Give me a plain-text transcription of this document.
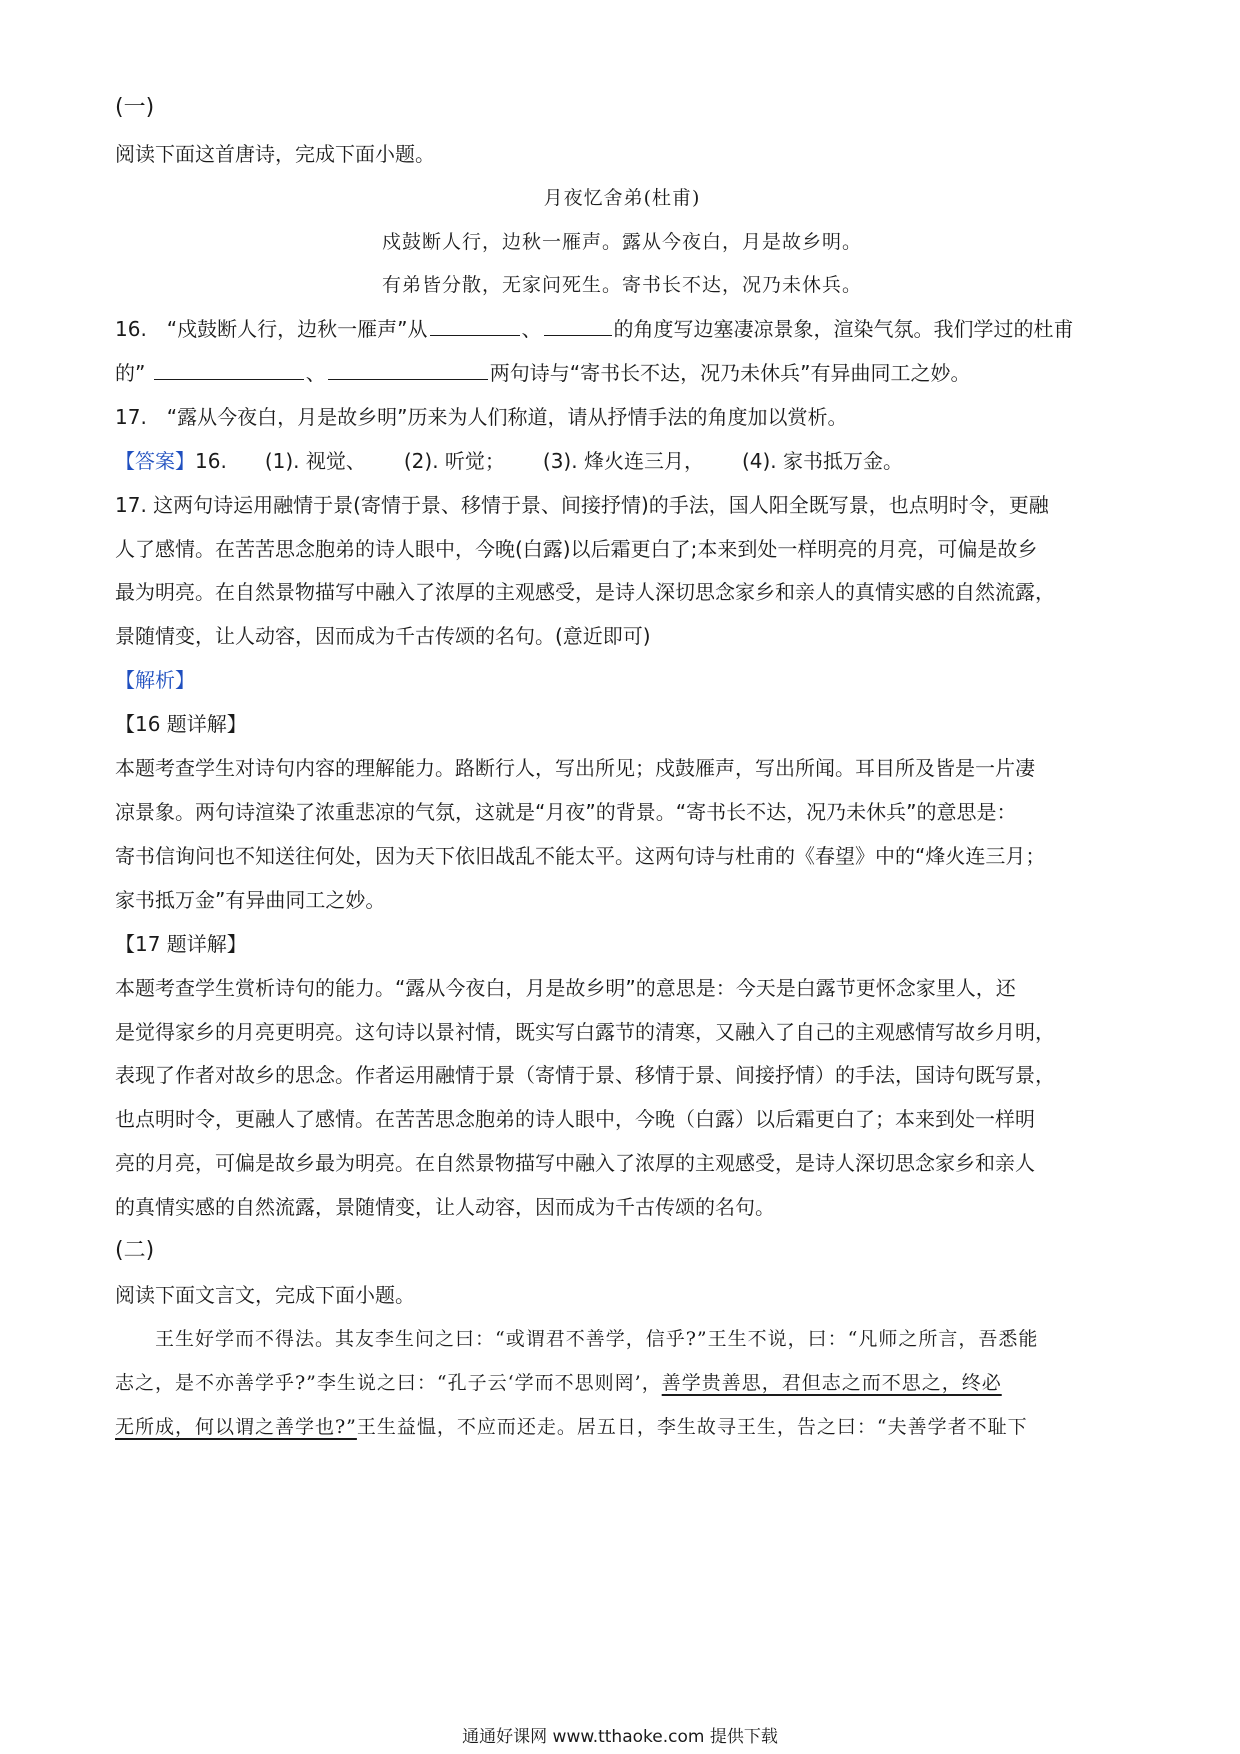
(一)
阅读下面这首唐诗，完成下面小题。
月夜忆舍弟(杜甫)
戍鼓断人行，边秋一雁声。露从今夜白，月是故乡明。
有弟皆分散，无家问死生。寄书长不达，况乃未休兵。
16.　“戍鼓断人行，边秋一雁声”从	、	的角度写边塞凄凉景象，渲染气氛。我们学过的杜甫
的”	、	两句诗与“寄书长不达，况乃未休兵”有异曲同工之妙。
17.　“露从今夜白，月是故乡明”历来为人们称道，请从抒情手法的角度加以赏析。
【答案】16. (1). 视觉、 (2). 听觉； (3). 烽火连三月， (4). 家书抵万金。
17. 这两句诗运用融情于景(寄情于景、移情于景、间接抒情)的手法，国人阳全既写景，也点明时令，更融
人了感情。在苦苦思念胞弟的诗人眼中，今晚(白露)以后霜更白了;本来到处一样明亮的月亮，可偏是故乡
最为明亮。在自然景物描写中融入了浓厚的主观感受，是诗人深切思念家乡和亲人的真情实感的自然流露，
景随情变，让人动容，因而成为千古传颂的名句。(意近即可)
【解析】
【16 题详解】
本题考查学生对诗句内容的理解能力。路断行人，写出所见；戍鼓雁声，写出所闻。耳目所及皆是一片凄
凉景象。两句诗渲染了浓重悲凉的气氛，这就是“月夜”的背景。“寄书长不达，况乃未休兵”的意思是：
寄书信询问也不知送往何处，因为天下依旧战乱不能太平。这两句诗与杜甫的《春望》中的“烽火连三月；
家书抵万金”有异曲同工之妙。
【17 题详解】
本题考查学生赏析诗句的能力。“露从今夜白，月是故乡明”的意思是：今天是白露节更怀念家里人，还
是觉得家乡的月亮更明亮。这句诗以景衬情，既实写白露节的清寒，又融入了自己的主观感情写故乡月明，
表现了作者对故乡的思念。作者运用融情于景（寄情于景、移情于景、间接抒情）的手法，国诗句既写景，
也点明时令，更融人了感情。在苦苦思念胞弟的诗人眼中，今晚（白露）以后霜更白了；本来到处一样明
亮的月亮，可偏是故乡最为明亮。在自然景物描写中融入了浓厚的主观感受，是诗人深切思念家乡和亲人
的真情实感的自然流露，景随情变，让人动容，因而成为千古传颂的名句。
(二)
阅读下面文言文，完成下面小题。
　　王生好学而不得法。其友李生问之曰：“或谓君不善学，信乎?”王生不说，曰：“凡师之所言，吾悉能
志之，是不亦善学乎?”李生说之曰：“孔子云‘学而不思则罔’，善学贵善思，君但志之而不思之，终必
无所成，何以谓之善学也?”王生益愠，不应而还走。居五日，李生故寻王生，告之曰：“夫善学者不耻下
通通好课网 www.tthaoke.com 提供下载
